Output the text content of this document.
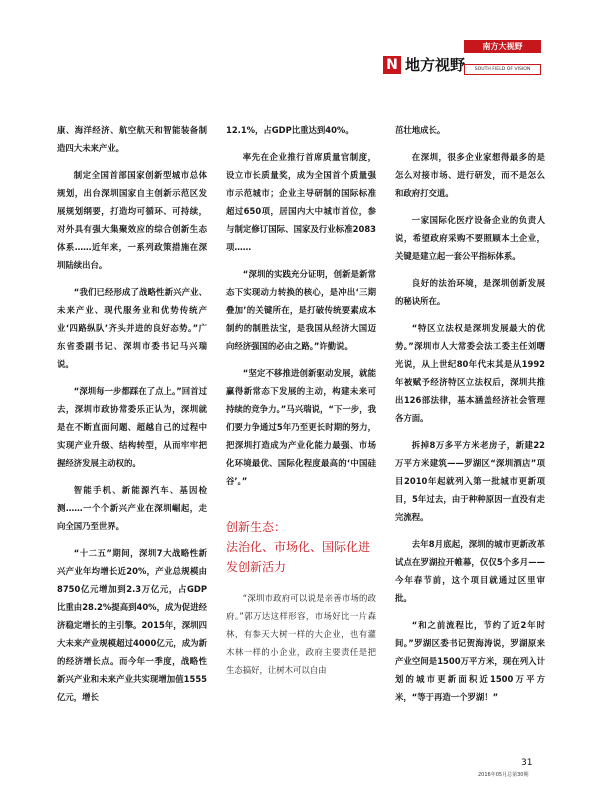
南方大视野
N 地方视野	SOUTH FIELD OF VISION

康、海洋经济、航空航天和智能装备制造四大未来产业。

制定全国首部国家创新型城市总体规划，出台深圳国家自主创新示范区发展规划纲要，打造均可循环、可持续，对外具有强大集聚效应的综合创新生态体系……近年来，一系列政策措施在深圳陆续出台。

“我们已经形成了战略性新兴产业、未来产业、现代服务业和优势传统产业‘四路纵队’齐头并进的良好态势。”广东省委副书记、深圳市委书记马兴瑞说。

“深圳每一步都踩在了点上。”回首过去，深圳市政协常委乐正认为，深圳就是在不断直面问题、超越自己的过程中实现产业升级、结构转型，从而牢牢把握经济发展主动权的。

智能手机、新能源汽车、基因检测……一个个新兴产业在深圳崛起，走向全国乃至世界。

“十二五”期间，深圳7大战略性新兴产业年均增长近20%，产业总规模由8750亿元增加到2.3万亿元，占GDP比重由28.2%提高到40%，成为促进经济稳定增长的主引擎。2015年，深圳四大未来产业规模超过4000亿元，成为新的经济增长点。而今年一季度，战略性新兴产业和未来产业共实现增加值1555亿元，增长

12.1%，占GDP比重达到40%。

率先在企业推行首席质量官制度，设立市长质量奖，成为全国首个质量强市示范城市；企业主导研制的国际标准超过650项，居国内大中城市首位，参与制定修订国际、国家及行业标准2083项……

“深圳的实践充分证明，创新是新常态下实现动力转换的核心，是冲出‘三期叠加’的关键所在，是打破传统要素成本制约的制胜法宝，是我国从经济大国迈向经济强国的必由之路。”许勤说。

“坚定不移推进创新驱动发展，就能赢得新常态下发展的主动，构建未来可持续的竞争力。”马兴瑞说，“下一步，我们要力争通过5年乃至更长时期的努力，把深圳打造成为产业化能力最强、市场化环境最优、国际化程度最高的‘中国硅谷’。”

创新生态：
法治化、市场化、国际化进
发创新活力

“深圳市政府可以说是亲善市场的政府。”郭万达这样形容，市场好比一片森林，有参天大树一样的大企业，也有灌木林一样的小企业，政府主要责任是把生态搞好，让树木可以自由

茁壮地成长。

在深圳，很多企业家想得最多的是怎么对接市场、进行研发，而不是怎么和政府打交道。

一家国际化医疗设备企业的负责人说，希望政府采购不要照顾本土企业，关键是建立起一套公平指标体系。

良好的法治环境，是深圳创新发展的秘诀所在。

“特区立法权是深圳发展最大的优势。”深圳市人大常委会法工委主任刘曙光说，从上世纪80年代末其是从1992年被赋予经济特区立法权后，深圳共推出126部法律，基本涵盖经济社会管理各方面。

拆掉8万多平方米老房子，新建22万平方米建筑——罗湖区“深圳酒店”项目2010年起就列入第一批城市更新项目，5年过去，由于种种原因一直没有走完流程。

去年8月底起，深圳的城市更新改革试点在罗湖拉开帷幕，仅仅5个多月——今年春节前，这个项目就通过区里审批。

“和之前流程比，节约了近2年时间。”罗湖区委书记贺海涛说，罗湖原来产业空间是1500万平方米，现在列入计划的城市更新面积近1500万平方米，“等于再造一个罗湖！”

31
2016年05月总第30期
